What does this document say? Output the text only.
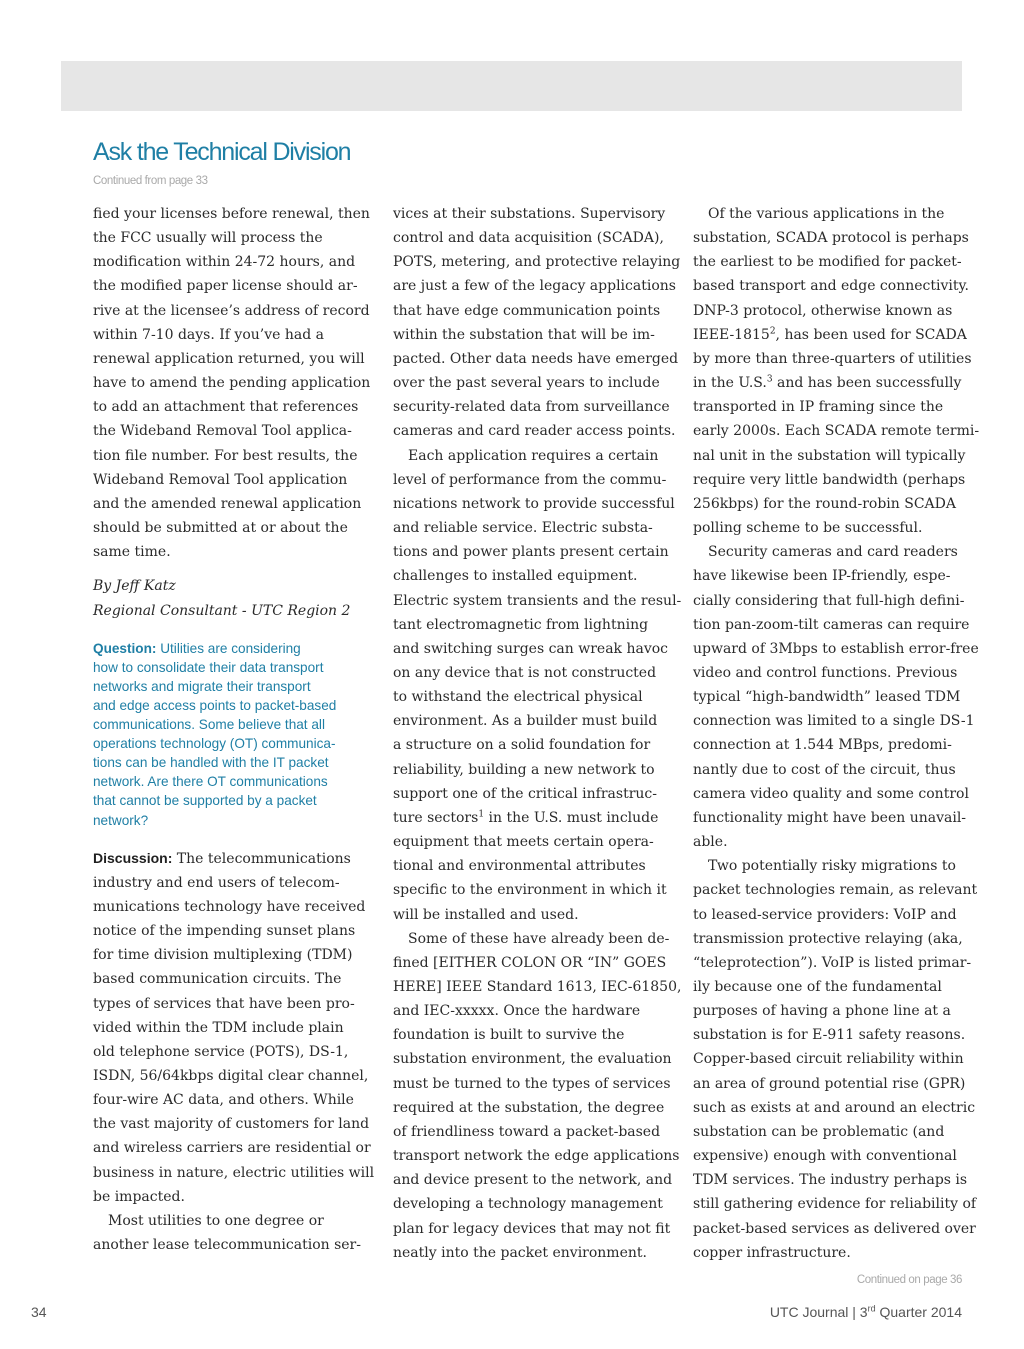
Ask the Technical Division
Continued from page 33

fied your licenses before renewal, then
the FCC usually will process the
modification within 24-72 hours, and
the modified paper license should ar-
rive at the licensee’s address of record
within 7-10 days. If you’ve had a
renewal application returned, you will
have to amend the pending application
to add an attachment that references
the Wideband Removal Tool applica-
tion file number. For best results, the
Wideband Removal Tool application
and the amended renewal application
should be submitted at or about the
same time.

By Jeff Katz
Regional Consultant - UTC Region 2

Question: Utilities are considering
how to consolidate their data transport
networks and migrate their transport
and edge access points to packet-based
communications. Some believe that all
operations technology (OT) communica-
tions can be handled with the IT packet
network. Are there OT communications
that cannot be supported by a packet
network?

Discussion: The telecommunications
industry and end users of telecom-
munications technology have received
notice of the impending sunset plans
for time division multiplexing (TDM)
based communication circuits. The
types of services that have been pro-
vided within the TDM include plain
old telephone service (POTS), DS-1,
ISDN, 56/64kbps digital clear channel,
four-wire AC data, and others. While
the vast majority of customers for land
and wireless carriers are residential or
business in nature, electric utilities will
be impacted.

Most utilities to one degree or
another lease telecommunication ser-

vices at their substations. Supervisory
control and data acquisition (SCADA),
POTS, metering, and protective relaying
are just a few of the legacy applications
that have edge communication points
within the substation that will be im-
pacted. Other data needs have emerged
over the past several years to include
security-related data from surveillance
cameras and card reader access points.

Each application requires a certain
level of performance from the commu-
nications network to provide successful
and reliable service. Electric substa-
tions and power plants present certain
challenges to installed equipment.
Electric system transients and the resul-
tant electromagnetic from lightning
and switching surges can wreak havoc
on any device that is not constructed
to withstand the electrical physical
environment. As a builder must build
a structure on a solid foundation for
reliability, building a new network to
support one of the critical infrastruc-
ture sectors$^1$ in the U.S. must include
equipment that meets certain opera-
tional and environmental attributes
specific to the environment in which it
will be installed and used.

Some of these have already been de-
fined [EITHER COLON OR “IN” GOES
HERE] IEEE Standard 1613, IEC-61850,
and IEC-xxxxx. Once the hardware
foundation is built to survive the
substation environment, the evaluation
must be turned to the types of services
required at the substation, the degree
of friendliness toward a packet-based
transport network the edge applications
and device present to the network, and
developing a technology management
plan for legacy devices that may not fit
neatly into the packet environment.

Of the various applications in the
substation, SCADA protocol is perhaps
the earliest to be modified for packet-
based transport and edge connectivity.
DNP-3 protocol, otherwise known as
IEEE-1815$^2$, has been used for SCADA
by more than three-quarters of utilities
in the U.S.$^3$ and has been successfully
transported in IP framing since the
early 2000s. Each SCADA remote termi-
nal unit in the substation will typically
require very little bandwidth (perhaps
256kbps) for the round-robin SCADA
polling scheme to be successful.

Security cameras and card readers
have likewise been IP-friendly, espe-
cially considering that full-high defini-
tion pan-zoom-tilt cameras can require
upward of 3Mbps to establish error-free
video and control functions. Previous
typical “high-bandwidth” leased TDM
connection was limited to a single DS-1
connection at 1.544 MBps, predomi-
nantly due to cost of the circuit, thus
camera video quality and some control
functionality might have been unavail-
able.

Two potentially risky migrations to
packet technologies remain, as relevant
to leased-service providers: VoIP and
transmission protective relaying (aka,
“teleprotection”). VoIP is listed primar-
ily because one of the fundamental
purposes of having a phone line at a
substation is for E-911 safety reasons.
Copper-based circuit reliability within
an area of ground potential rise (GPR)
such as exists at and around an electric
substation can be problematic (and
expensive) enough with conventional
TDM services. The industry perhaps is
still gathering evidence for reliability of
packet-based services as delivered over
copper infrastructure.

Continued on page 36
34	UTC Journal | 3rd Quarter 2014
